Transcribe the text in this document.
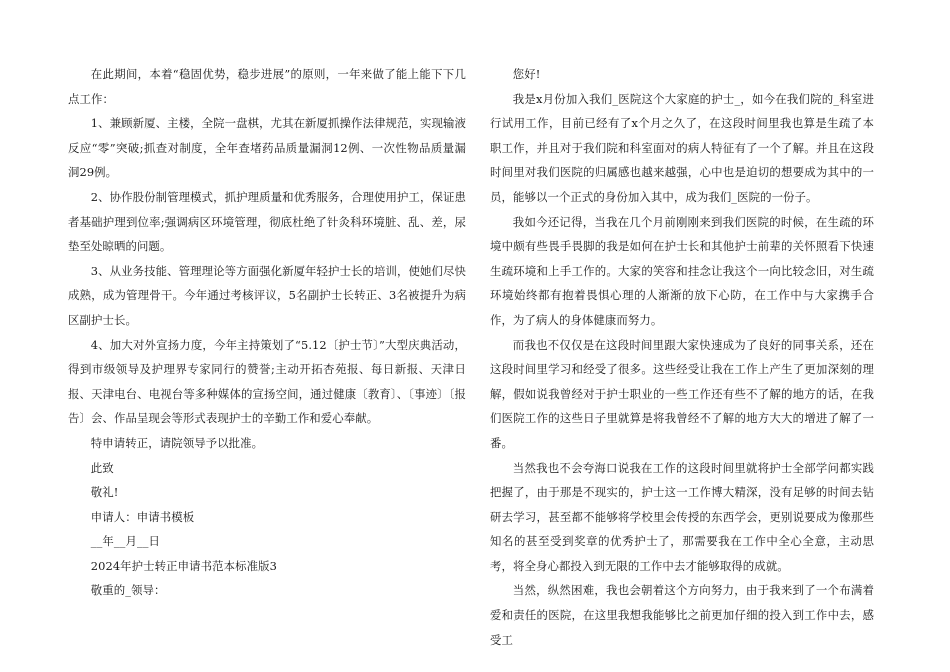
在此期间，本着“稳固优势，稳步进展”的原则，一年来做了能上能下下几点工作：

1、兼顾新厦、主楼，全院一盘棋，尤其在新厦抓操作法律规范，实现输液反应“零”突破;抓查对制度，全年查堵药品质量漏洞12例、一次性物品质量漏洞29例。

2、协作股份制管理模式，抓护理质量和优秀服务，合理使用护工，保证患者基础护理到位率;强调病区环境管理，彻底杜绝了针灸科环境脏、乱、差，尿垫至处晾晒的问题。

3、从业务技能、管理理论等方面强化新厦年轻护士长的培训，使她们尽快成熟，成为管理骨干。今年通过考核评议，5名副护士长转正、3名被提升为病区副护士长。

4、加大对外宣扬力度，今年主持策划了“5.12〔护士节〕”大型庆典活动，得到市级领导及护理界专家同行的赞誉;主动开拓杏苑报、每日新报、天津日报、天津电台、电视台等多种媒体的宣扬空间，通过健康〔教育〕、〔事迹〕〔报告〕会、作品呈现会等形式表现护士的辛勤工作和爱心奉献。

特申请转正，请院领导予以批准。

此致

敬礼!

申请人：申请书模板

__年__月__日

2024年护士转正申请书范本标准版3

敬重的_领导：

您好!

我是x月份加入我们_医院这个大家庭的护士_，如今在我们院的_科室进行试用工作，目前已经有了x个月之久了，在这段时间里我也算是生疏了本职工作，并且对于我们院和科室面对的病人特征有了一个了解。并且在这段时间里对我们医院的归属感也越来越强，心中也是迫切的想要成为其中的一员，能够以一个正式的身份加入其中，成为我们_医院的一份子。

我如今还记得，当我在几个月前刚刚来到我们医院的时候，在生疏的环境中颇有些畏手畏脚的我是如何在护士长和其他护士前辈的关怀照看下快速生疏环境和上手工作的。大家的笑容和挂念让我这个一向比较念旧，对生疏环境始终都有抱着畏惧心理的人渐渐的放下心防，在工作中与大家携手合作，为了病人的身体健康而努力。

而我也不仅仅是在这段时间里跟大家快速成为了良好的同事关系，还在这段时间里学习和经受了很多。这些经受让我在工作上产生了更加深刻的理解，假如说我曾经对于护士职业的一些工作还有些不了解的地方的话，在我们医院工作的这些日子里就算是将我曾经不了解的地方大大的增进了解了一番。

当然我也不会夸海口说我在工作的这段时间里就将护士全部学问都实践把握了，由于那是不现实的，护士这一工作博大精深，没有足够的时间去钻研去学习，甚至都不能够将学校里会传授的东西学会，更别说要成为像那些知名的甚至受到奖章的优秀护士了，那需要我在工作中全心全意，主动思考，将全身心都投入到无限的工作中去才能够取得的成就。

当然，纵然困难，我也会朝着这个方向努力，由于我来到了一个布满着爱和责任的医院，在这里我想我能够比之前更加仔细的投入到工作中去，感受工
